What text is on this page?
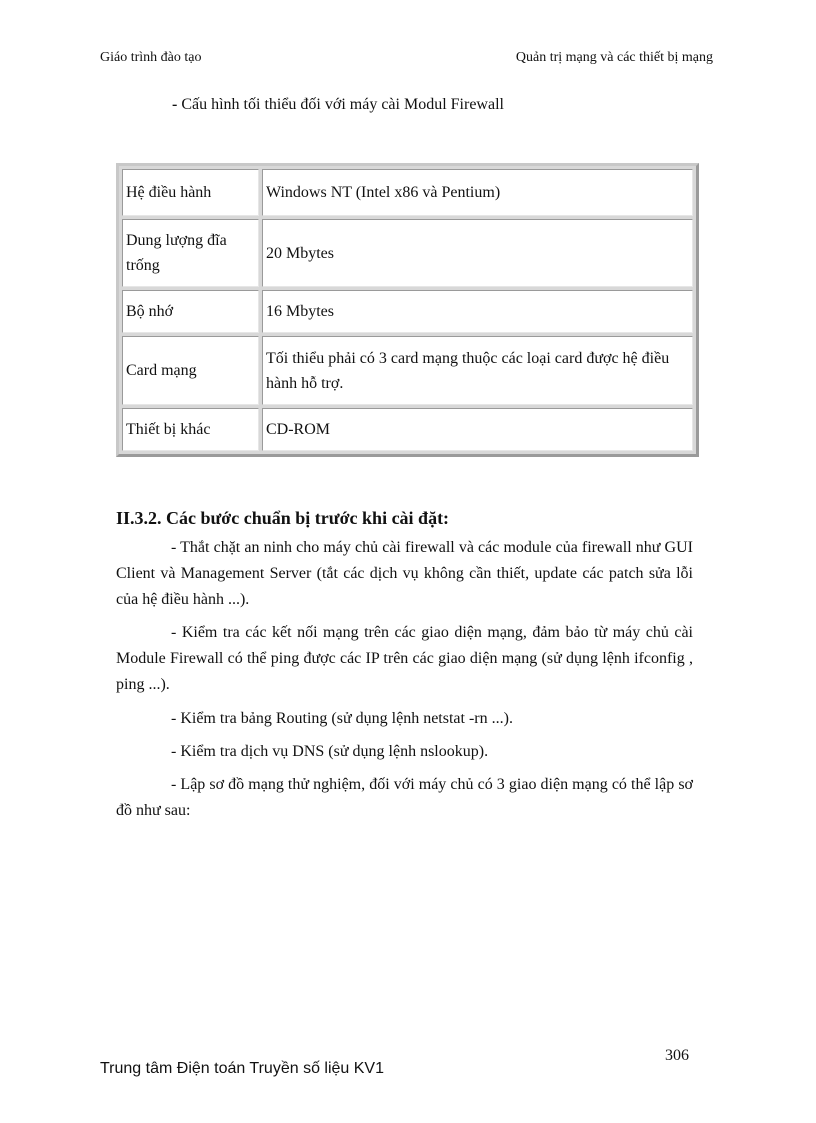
Giáo trình đào tạo	Quản trị mạng và các thiết bị mạng
- Cấu hình tối thiểu đối với máy cài Modul Firewall
Hệ điều hành	Windows NT (Intel x86 và Pentium)
Dung lượng đĩa trống	20 Mbytes
Bộ nhớ	16 Mbytes
Card mạng	Tối thiểu phải có 3 card mạng thuộc các loại card được hệ điều hành hỗ trợ.
Thiết bị khác	CD-ROM
II.3.2. Các bước chuẩn bị trước khi cài đặt:

- Thắt chặt an ninh cho máy chủ cài firewall và các module của firewall như GUI Client và Management Server (tắt các dịch vụ không cần thiết, update các patch sửa lỗi của hệ điều hành ...).

- Kiểm tra các kết nối mạng trên các giao diện mạng, đảm bảo từ máy chủ cài Module Firewall có thể ping được các IP trên các giao diện mạng (sử dụng lệnh ifconfig , ping ...).

- Kiểm tra bảng Routing (sử dụng lệnh netstat -rn ...).

- Kiểm tra dịch vụ DNS (sử dụng lệnh nslookup).

- Lập sơ đồ mạng thử nghiệm, đối với máy chủ có 3 giao diện mạng có thể lập sơ đồ như sau:

306
Trung tâm Điện toán Truyền số liệu KV1
